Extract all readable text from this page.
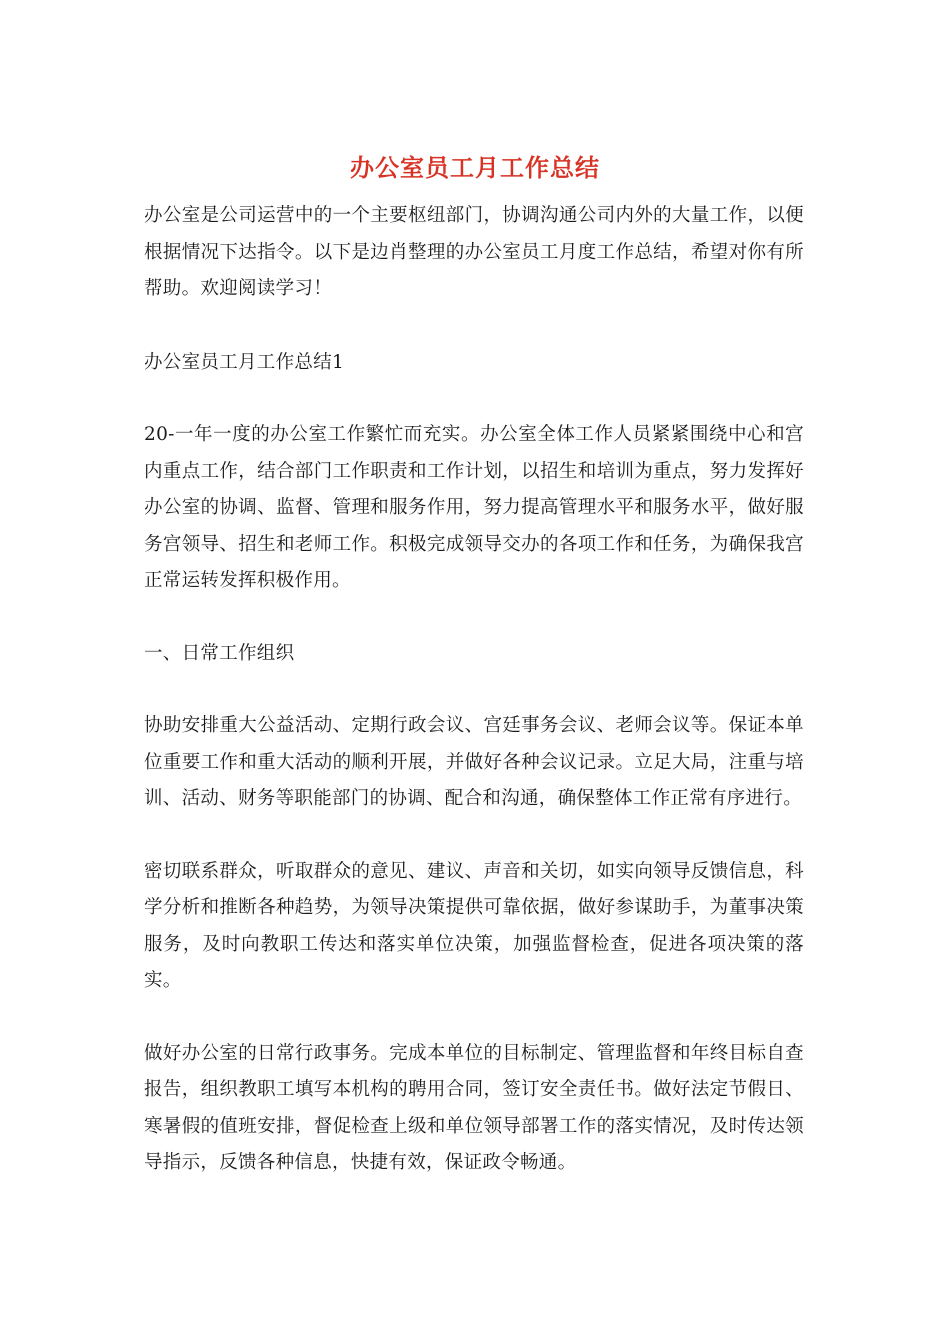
办公室员工月工作总结

办公室是公司运营中的一个主要枢纽部门，协调沟通公司内外的大量工作，以便根据情况下达指令。以下是边肖整理的办公室员工月度工作总结，希望对你有所帮助。欢迎阅读学习！

办公室员工月工作总结1

20-一年一度的办公室工作繁忙而充实。办公室全体工作人员紧紧围绕中心和宫内重点工作，结合部门工作职责和工作计划，以招生和培训为重点，努力发挥好办公室的协调、监督、管理和服务作用，努力提高管理水平和服务水平，做好服务宫领导、招生和老师工作。积极完成领导交办的各项工作和任务，为确保我宫正常运转发挥积极作用。

一、日常工作组织

协助安排重大公益活动、定期行政会议、宫廷事务会议、老师会议等。保证本单位重要工作和重大活动的顺利开展，并做好各种会议记录。立足大局，注重与培训、活动、财务等职能部门的协调、配合和沟通，确保整体工作正常有序进行。

密切联系群众，听取群众的意见、建议、声音和关切，如实向领导反馈信息，科学分析和推断各种趋势，为领导决策提供可靠依据，做好参谋助手，为董事决策服务，及时向教职工传达和落实单位决策，加强监督检查，促进各项决策的落实。

做好办公室的日常行政事务。完成本单位的目标制定、管理监督和年终目标自查报告，组织教职工填写本机构的聘用合同，签订安全责任书。做好法定节假日、寒暑假的值班安排，督促检查上级和单位领导部署工作的落实情况，及时传达领导指示，反馈各种信息，快捷有效，保证政令畅通。
